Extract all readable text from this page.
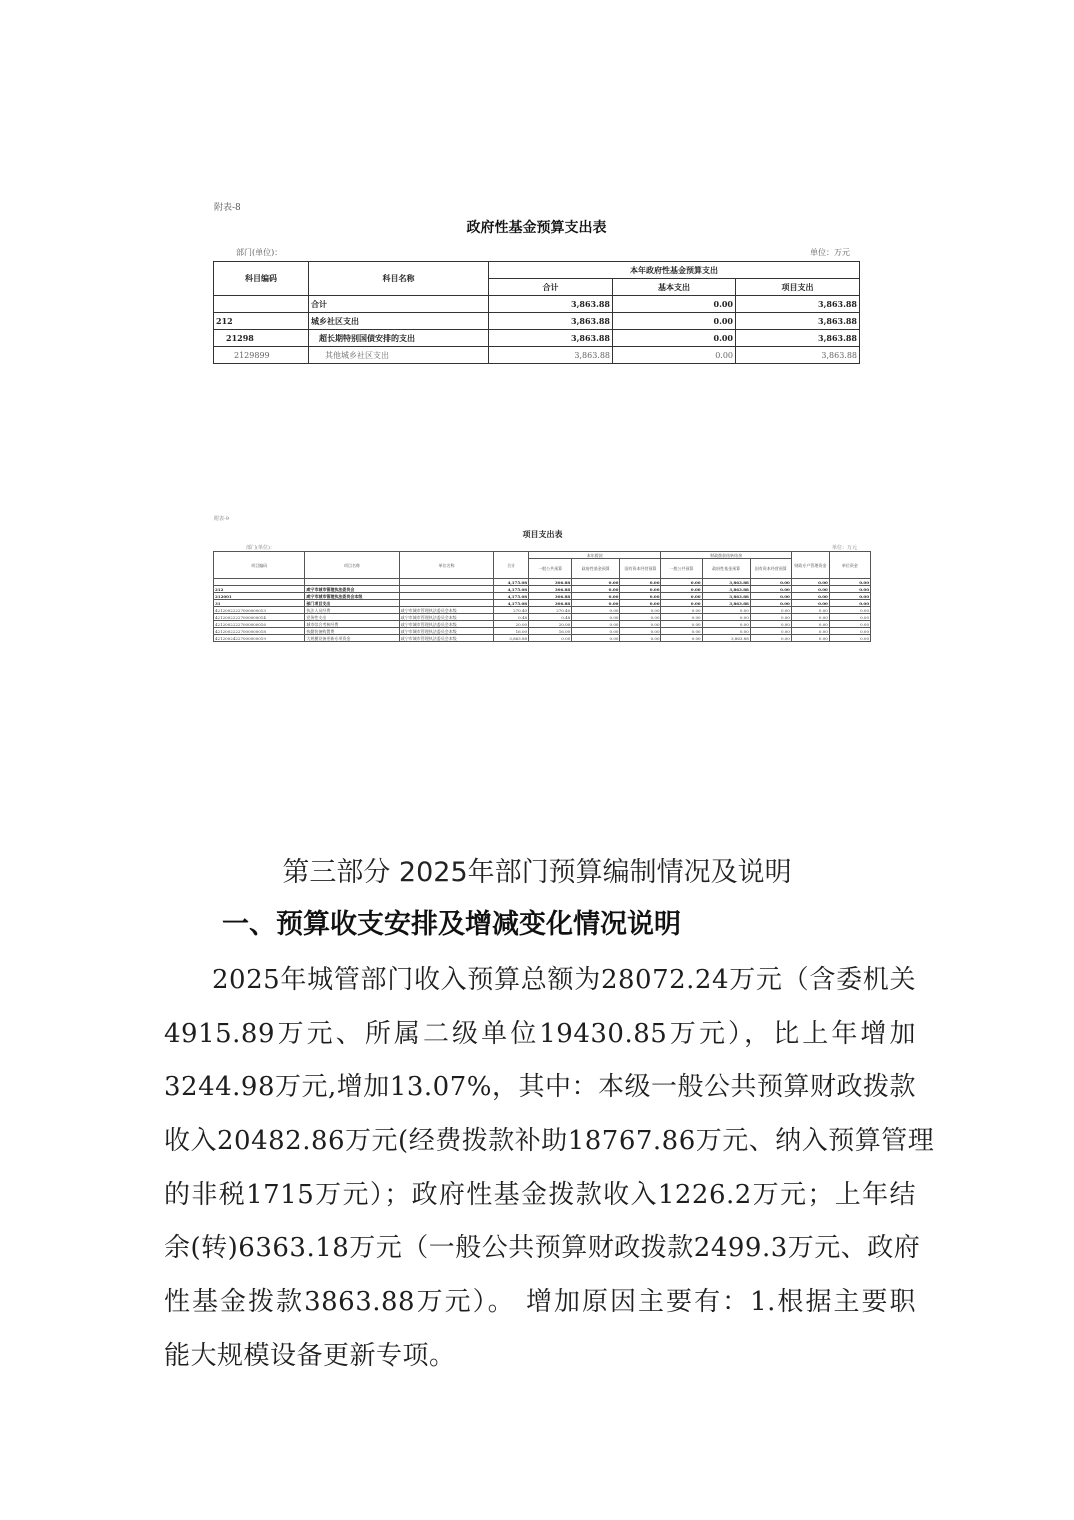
附表-8
政府性基金预算支出表
部门(单位)：	单位：万元
科目编码	科目名称	本年政府性基金预算支出		
		合计	基本支出	项目支出
	合计	3,863.88	0.00	3,863.88
212	城乡社区支出	3,863.88	0.00	3,863.88
21298	超长期特别国债安排的支出	3,863.88	0.00	3,863.88
2129899	其他城乡社区支出	3,863.88	0.00	3,863.88
附表-9
项目支出表
部门(单位)：	单位：万元
项目编码	项目名称	单位名称	合计	本年拨款			财政拨款结转结余			财政专户管理资金	单位资金
				一般公共预算	政府性基金预算	国有资本经营预算	一般公共预算	政府性基金预算	国有资本经营预算		
			4,175.08	306.88	0.00	0.00	0.00	3,863.88	0.00	0.00	0.00
212	咸宁市城市管理执法委员会		4,175.08	306.88	0.00	0.00	0.00	3,863.88	0.00	0.00	0.00
212001	咸宁市城市管理执法委员会本级		4,175.08	306.88	0.00	0.00	0.00	3,863.88	0.00	0.00	0.00
31	部门项目支出		4,175.08	306.88	0.00	0.00	0.00	3,863.88	0.00	0.00	0.00
42120022227000000013	执法人员经费	咸宁市城市管理执法委员会本级	270.40	270.40	0.00	0.00	0.00	0.00	0.00	0.00	0.00
42120022227000000014	党务性支出	咸宁市城市管理执法委员会本级	0.48	0.48	0.00	0.00	0.00	0.00	0.00	0.00	0.00
42120022227000000016	城市综合考核经费	咸宁市城市管理执法委员会本级	20.00	20.00	0.00	0.00	0.00	0.00	0.00	0.00	0.00
42120022227000000018	执勤装备购置费	咸宁市城市管理执法委员会本级	16.00	16.00	0.00	0.00	0.00	0.00	0.00	0.00	0.00
42120024227000000019	大规模设备更新专项资金	咸宁市城市管理执法委员会本级	3,863.88	0.00	0.00	0.00	0.00	3,863.88	0.00	0.00	0.00
第三部分 2025年部门预算编制情况及说明
一、预算收支安排及增减变化情况说明
2025年城管部门收入预算总额为28072.24万元（含委机关
4915.89万元、所属二级单位19430.85万元），比上年增加
3244.98万元,增加13.07%，其中：本级一般公共预算财政拨款
收入20482.86万元(经费拨款补助18767.86万元、纳入预算管理
的非税1715万元）；政府性基金拨款收入1226.2万元；上年结
余(转)6363.18万元（一般公共预算财政拨款2499.3万元、政府
性基金拨款3863.88万元）。 增加原因主要有：1.根据主要职
能大规模设备更新专项。
